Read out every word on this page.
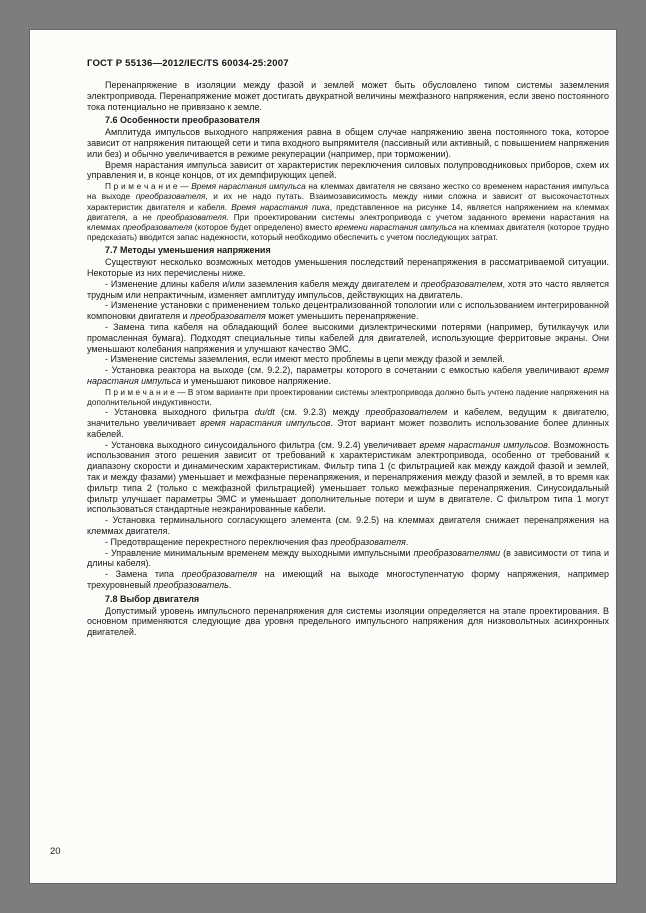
ГОСТ Р 55136—2012/IEC/TS 60034-25:2007

Перенапряжение в изоляции между фазой и землей может быть обусловлено типом системы заземления электропривода. Перенапряжение может достигать двукратной величины межфазного напряжения, если звено постоянного тока потенциально не привязано к земле.

7.6 Особенности преобразователя

Амплитуда импульсов выходного напряжения равна в общем случае напряжению звена постоянного тока, которое зависит от напряжения питающей сети и типа входного выпрямителя (пассивный или активный, с повышением напряжения или без) и обычно увеличивается в режиме рекуперации (например, при торможении).

Время нарастания импульса зависит от характеристик переключения силовых полупроводниковых приборов, схем их управления и, в конце концов, от их демпфирующих цепей.

П р и м е ч а н и е — Время нарастания импульса на клеммах двигателя не связано жестко со временем нарастания импульса на выходе преобразователя, и их не надо путать. Взаимозависимость между ними сложна и зависит от высокочастотных характеристик двигателя и кабеля. Время нарастания пика, представленное на рисунке 14, является напряжением на клеммах двигателя, а не преобразователя. При проектировании системы электропривода с учетом заданного времени нарастания на клеммах преобразователя (которое будет определено) вместо времени нарастания импульса на клеммах двигателя (которое трудно предсказать) вводится запас надежности, который необходимо обеспечить с учетом последующих затрат.

7.7 Методы уменьшения напряжения

Существуют несколько возможных методов уменьшения последствий перенапряжения в рассматриваемой ситуации. Некоторые из них перечислены ниже.

- Изменение длины кабеля и/или заземления кабеля между двигателем и преобразователем, хотя это часто является трудным или непрактичным, изменяет амплитуду импульсов, действующих на двигатель.

- Изменение установки с применением только децентрализованной топологии или с использованием интегрированной компоновки двигателя и преобразователя может уменьшить перенапряжение.

- Замена типа кабеля на обладающий более высокими диэлектрическими потерями (например, бутилкаучук или промасленная бумага). Подходят специальные типы кабелей для двигателей, использующие ферритовые экраны. Они уменьшают колебания напряжения и улучшают качество ЭМС.

- Изменение системы заземления, если имеют место проблемы в цепи между фазой и землей.

- Установка реактора на выходе (см. 9.2.2), параметры которого в сочетании с емкостью кабеля увеличивают время нарастания импульса и уменьшают пиковое напряжение.

П р и м е ч а н и е — В этом варианте при проектировании системы электропривода должно быть учтено падение напряжения на дополнительной индуктивности.

- Установка выходного фильтра du/dt (см. 9.2.3) между преобразователем и кабелем, ведущим к двигателю, значительно увеличивает время нарастания импульсов. Этот вариант может позволить использование более длинных кабелей.

- Установка выходного синусоидального фильтра (см. 9.2.4) увеличивает время нарастания импульсов. Возможность использования этого решения зависит от требований к характеристикам электропривода, особенно от требований к диапазону скорости и динамическим характеристикам. Фильтр типа 1 (с фильтрацией как между каждой фазой и землей, так и между фазами) уменьшает и межфазные перенапряжения, и перенапряжения между фазой и землей, в то время как фильтр типа 2 (только с межфазной фильтрацией) уменьшает только межфазные перенапряжения. Синусоидальный фильтр улучшает параметры ЭМС и уменьшает дополнительные потери и шум в двигателе. С фильтром типа 1 могут использоваться стандартные неэкранированные кабели.

- Установка терминального согласующего элемента (см. 9.2.5) на клеммах двигателя снижает перенапряжения на клеммах двигателя.

- Предотвращение перекрестного переключения фаз преобразователя.

- Управление минимальным временем между выходными импульсными преобразователями (в зависимости от типа и длины кабеля).

- Замена типа преобразователя на имеющий на выходе многоступенчатую форму напряжения, например трехуровневый преобразователь.

7.8 Выбор двигателя

Допустимый уровень импульсного перенапряжения для системы изоляции определяется на этапе проектирования. В основном применяются следующие два уровня предельного импульсного напряжения для низковольтных асинхронных двигателей.

20
